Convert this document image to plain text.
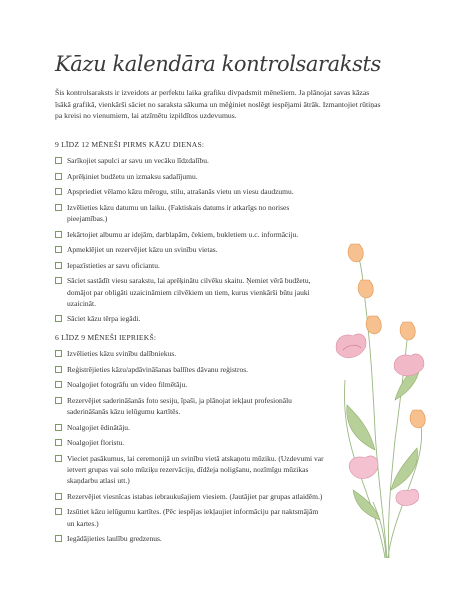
Kāzu kalendāra kontrolsaraksts
Šis kontrolsaraksts ir izveidots ar perfektu laika grafiku divpadsmit mēnešiem. Ja plānojat savas kāzas īsākā grafikā, vienkārši sāciet no saraksta sākuma un mēģiniet noslēgt iespējami ātrāk. Izmantojiet rūtiņas pa kreisi no vienumiem, lai atzīmētu izpildītos uzdevumus.
9 LĪDZ 12 MĒNEŠI PIRMS KĀZU DIENAS:
Sarīkojiet sapulci ar savu un vecāku līdzdalību.
Aprēķiniet budžetu un izmaksu sadalījumu.
Apspriediet vēlamo kāzu mērogu, stilu, atrašanās vietu un viesu daudzumu.
Izvēlieties kāzu datumu un laiku. (Faktiskais datums ir atkarīgs no norises pieejamības.)
Iekārtojiet albumu ar idejām, darblapām, čekiem, bukletiem u.c. informāciju.
Apmeklējiet un rezervējiet kāzu un svinību vietas.
Iepazīstieties ar savu oficiantu.
Sāciet sastādīt viesu sarakstu, lai aprēķinātu cilvēku skaitu. Ņemiet vērā budžetu, domājot par obligāti uzaicināmiem cilvēkiem un tiem, kurus vienkārši būtu jauki uzaicināt.
Sāciet kāzu tērpa iegādi.
6 LĪDZ 9 MĒNEŠI IEPRIEKŠ:
Izvēlieties kāzu svinību dalībniekus.
Reģistrējieties kāzu/apdāvināšanas ballītes dāvanu reģistros.
Noalgojiet fotogrāfu un video filmētāju.
Rezervējiet saderināšanās foto sesiju, īpaši, ja plānojat iekļaut profesionālu saderināšanās kāzu ielūgumu kartītēs.
Noalgojiet ēdinātāju.
Noalgojiet floristu.
Vieciet pasākumus, lai ceremonijā un svinību vietā atskaņotu mūziku. (Uzdevumi var ietvert grupas vai solo mūziķu rezervāciju, dīdžeja noligšanu, nozīmīgu mūzikas skaņdarbu atlasi utt.)
Rezervējiet viesnīcas istabas iebraukušajiem viesiem. (Jautājiet par grupas atlaidēm.)
Izsūtiet kāzu ielūgumu kartītes. (Pēc iespējas iekļaujiet informāciju par naktsmājām un kartes.)
Iegādājieties laulību gredzenus.
